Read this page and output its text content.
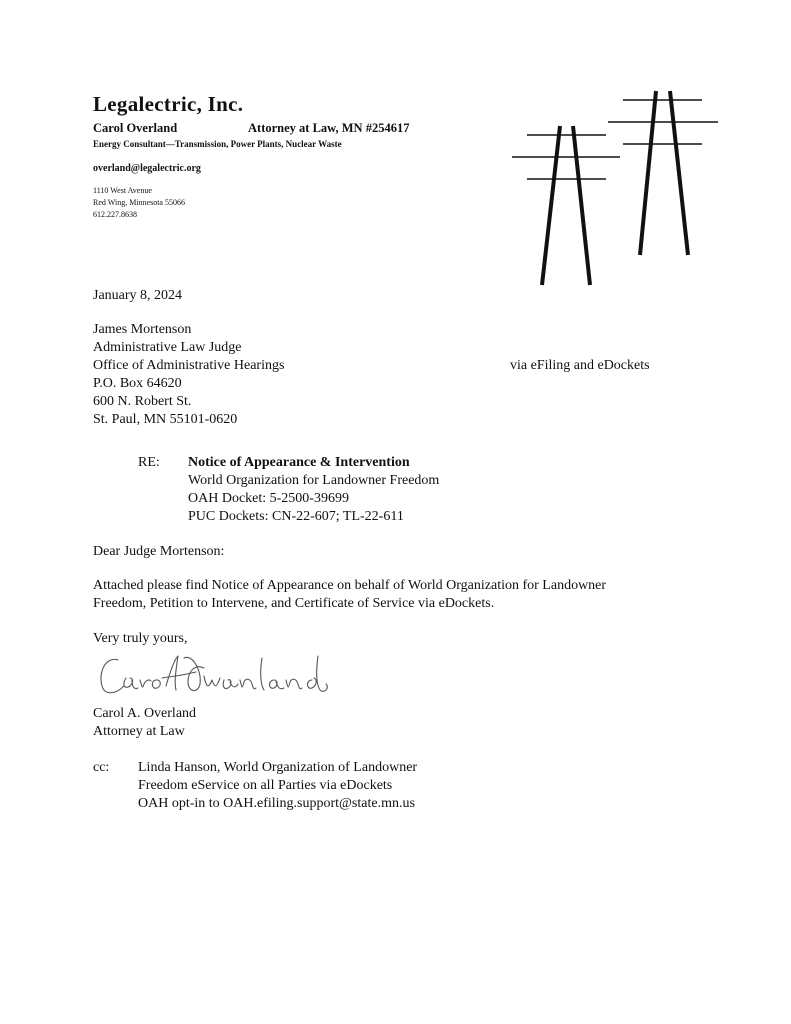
Legalectric, Inc.
Carol Overland	Attorney at Law, MN #254617
Energy Consultant—Transmission, Power Plants, Nuclear Waste
overland@legalectric.org
1110 West Avenue
Red Wing, Minnesota 55066
612.227.8638
January 8, 2024
James Mortenson
Administrative Law Judge
Office of Administrative Hearings
P.O. Box 64620
600 N. Robert St.
St. Paul, MN 55101-0620
via eFiling and eDockets
RE: Notice of Appearance & Intervention
World Organization for Landowner Freedom
OAH Docket: 5-2500-39699
PUC Dockets: CN-22-607; TL-22-611
Dear Judge Mortenson:
Attached please find Notice of Appearance on behalf of World Organization for Landowner
Freedom, Petition to Intervene, and Certificate of Service via eDockets.
Very truly yours,
Carol A. Overland
Attorney at Law
cc: Linda Hanson, World Organization of Landowner
Freedom eService on all Parties via eDockets
OAH opt-in to OAH.efiling.support@state.mn.us
